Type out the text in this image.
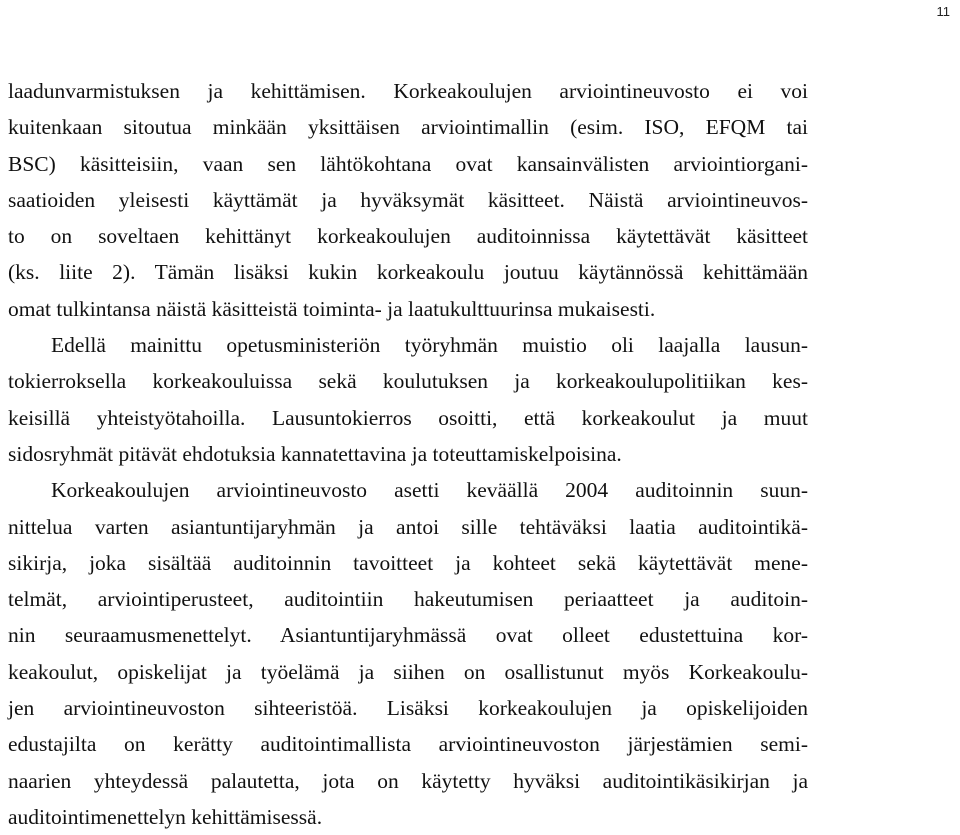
11
laadunvarmistuksen ja kehittämisen. Korkeakoulujen arviointineuvosto ei voi
kuitenkaan sitoutua minkään yksittäisen arviointimallin (esim. ISO, EFQM tai
BSC) käsitteisiin, vaan sen lähtökohtana ovat kansainvälisten arviointiorgani-
saatioiden yleisesti käyttämät ja hyväksymät käsitteet. Näistä arviointineuvos-
to on soveltaen kehittänyt korkeakoulujen auditoinnissa käytettävät käsitteet
(ks. liite 2). Tämän lisäksi kukin korkeakoulu joutuu käytännössä kehittämään
omat tulkintansa näistä käsitteistä toiminta- ja laatukulttuurinsa mukaisesti.
Edellä mainittu opetusministeriön työryhmän muistio oli laajalla lausun-
tokierroksella korkeakouluissa sekä koulutuksen ja korkeakoulupolitiikan kes-
keisillä yhteistyötahoilla. Lausuntokierros osoitti, että korkeakoulut ja muut
sidosryhmät pitävät ehdotuksia kannatettavina ja toteuttamiskelpoisina.
Korkeakoulujen arviointineuvosto asetti keväällä 2004 auditoinnin suun-
nittelua varten asiantuntijaryhmän ja antoi sille tehtäväksi laatia auditointikä-
sikirja, joka sisältää auditoinnin tavoitteet ja kohteet sekä käytettävät mene-
telmät, arviointiperusteet, auditointiin hakeutumisen periaatteet ja auditoin-
nin seuraamusmenettelyt. Asiantuntijaryhmässä ovat olleet edustettuina kor-
keakoulut, opiskelijat ja työelämä ja siihen on osallistunut myös Korkeakoulu-
jen arviointineuvoston sihteeristöä. Lisäksi korkeakoulujen ja opiskelijoiden
edustajilta on kerätty auditointimallista arviointineuvoston järjestämien semi-
naarien yhteydessä palautetta, jota on käytetty hyväksi auditointikäsikirjan ja
auditointimenettelyn kehittämisessä.
